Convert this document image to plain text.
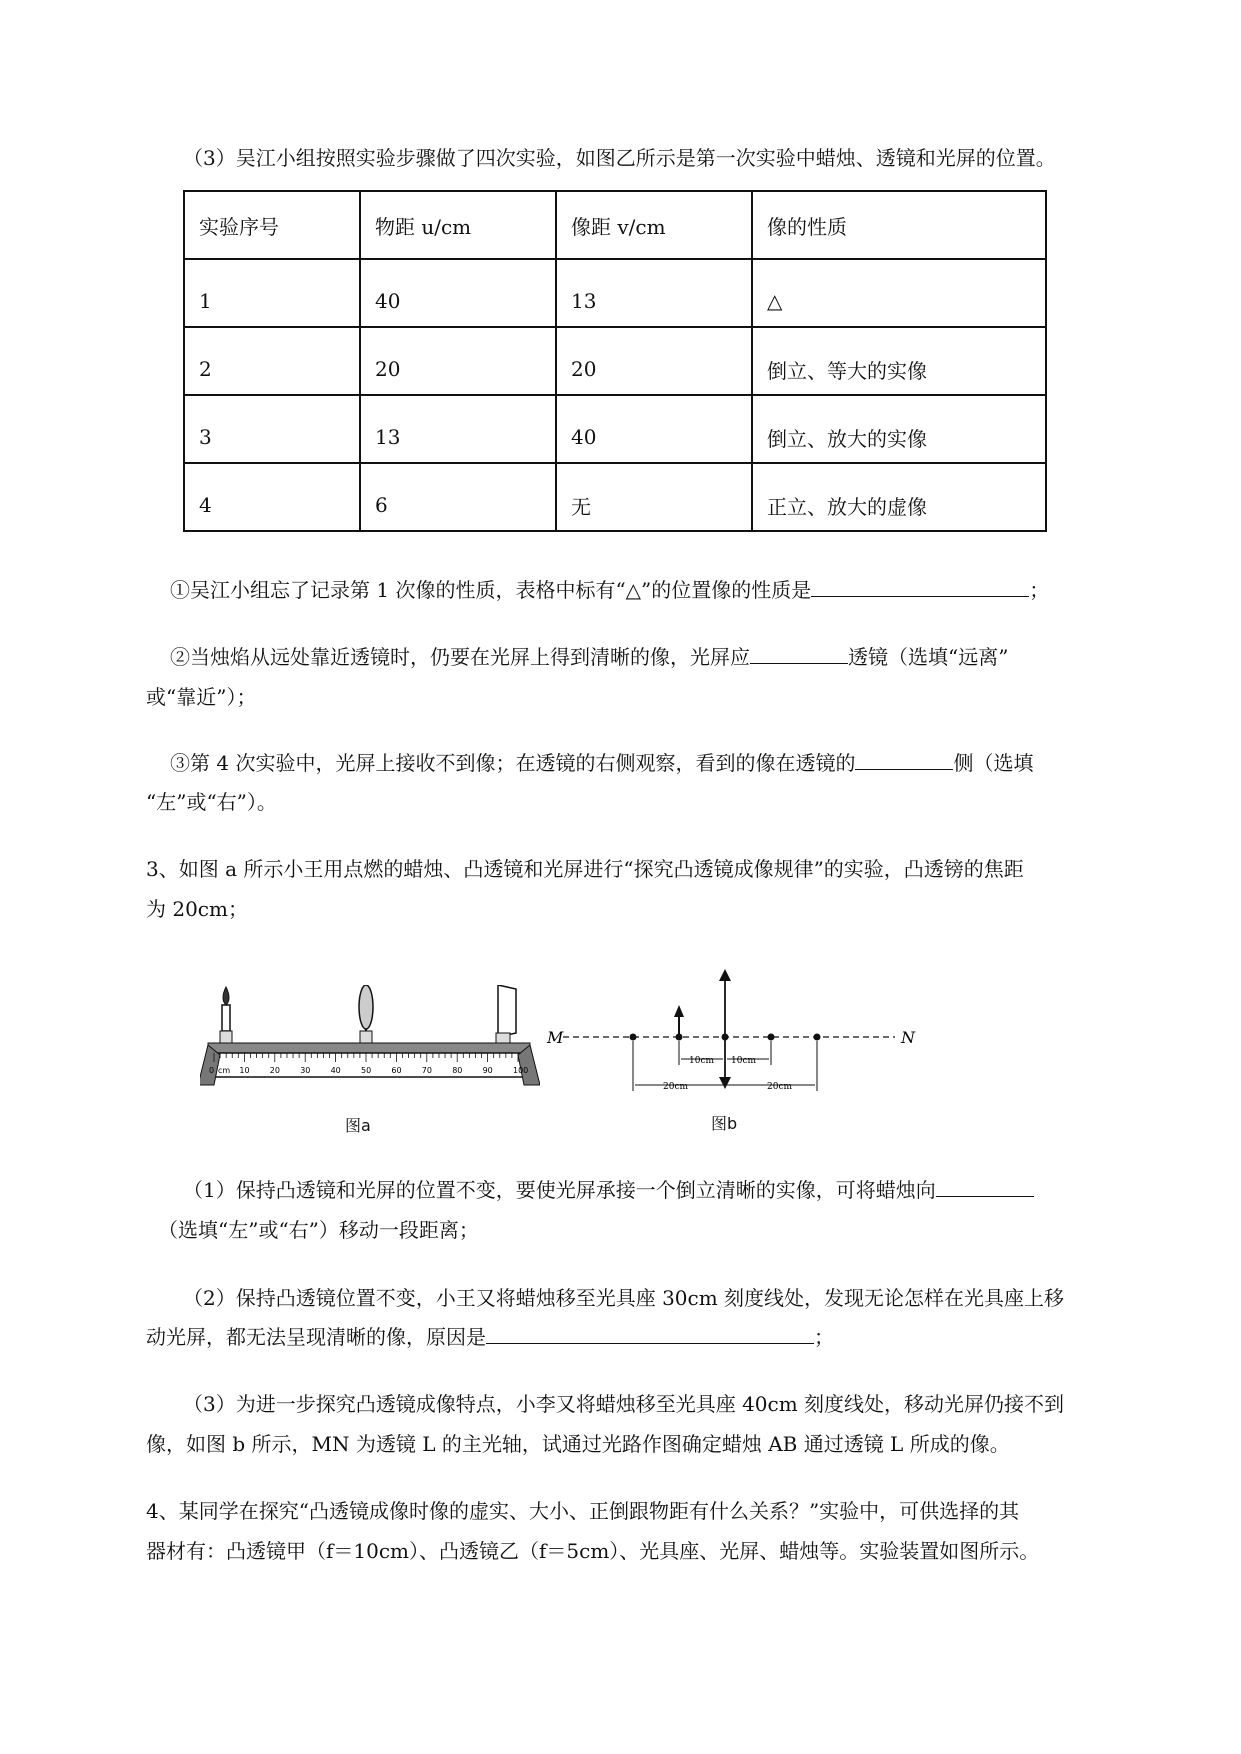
（3）吴江小组按照实验步骤做了四次实验，如图乙所示是第一次实验中蜡烛、透镜和光屏的位置。
实验序号	物距 u/cm	像距 v/cm	像的性质
1	40	13	△
2	20	20	倒立、等大的实像
3	13	40	倒立、放大的实像
4	6	无	正立、放大的虚像
①吴江小组忘了记录第 1 次像的性质，表格中标有“△”的位置像的性质是	；
②当烛焰从远处靠近透镜时，仍要在光屏上得到清晰的像，光屏应	透镜（选填“远离”
或“靠近”）；
③第 4 次实验中，光屏上接收不到像；在透镜的右侧观察，看到的像在透镜的	侧（选填
“左”或“右”）。
3、如图 a 所示小王用点燃的蜡烛、凸透镜和光屏进行“探究凸透镜成像规律”的实验，凸透镑的焦距
为 20cm；
0 cm 10	20	30	40	50	60	70	80	90	100
图a
M	N
10cm 10cm
20cm	20cm
图b
（1）保持凸透镜和光屏的位置不变，要使光屏承接一个倒立清晰的实像，可将蜡烛向
（选填“左”或“右”）移动一段距离；
（2）保持凸透镜位置不变，小王又将蜡烛移至光具座 30cm 刻度线处，发现无论怎样在光具座上移
动光屏，都无法呈现清晰的像，原因是	；
（3）为进一步探究凸透镜成像特点，小李又将蜡烛移至光具座 40cm 刻度线处，移动光屏仍接不到
像，如图 b 所示，MN 为透镜 L 的主光轴，试通过光路作图确定蜡烛 AB 通过透镜 L 所成的像。
4、某同学在探究“凸透镜成像时像的虚实、大小、正倒跟物距有什么关系？”实验中，可供选择的其
器材有：凸透镜甲（f＝10cm）、凸透镜乙（f＝5cm）、光具座、光屏、蜡烛等。实验装置如图所示。
